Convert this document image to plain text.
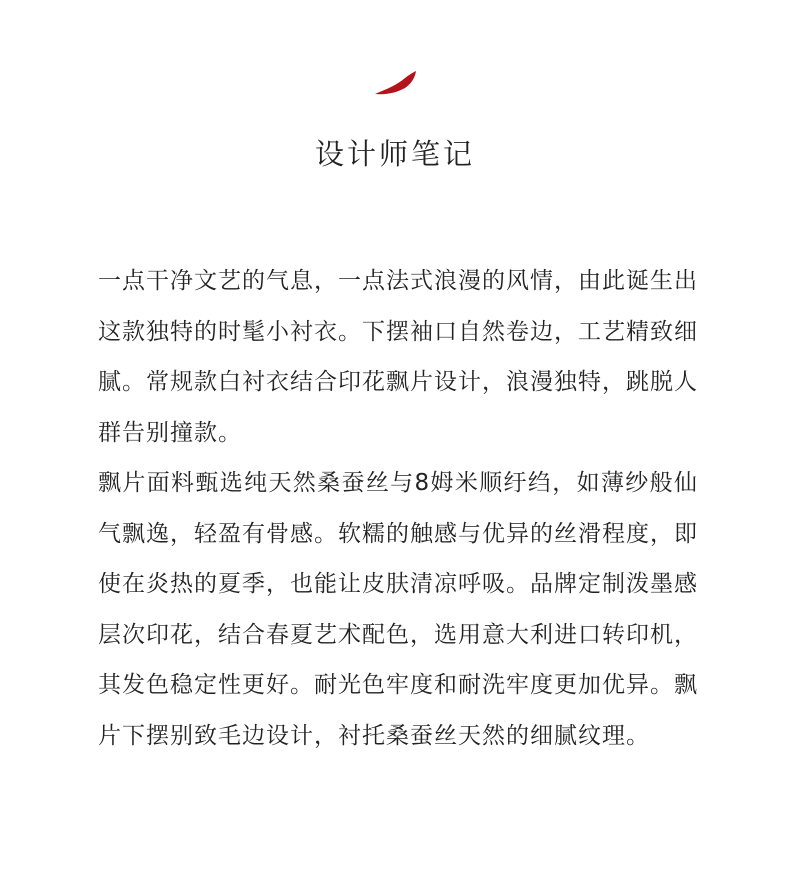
设计师笔记

一点干净文艺的气息，一点法式浪漫的风情，由此诞生出这款独特的时髦小衬衣。下摆袖口自然卷边，工艺精致细腻。常规款白衬衣结合印花飘片设计，浪漫独特，跳脱人群告别撞款。

飘片面料甄选纯天然桑蚕丝与8姆米顺纡绉，如薄纱般仙气飘逸，轻盈有骨感。软糯的触感与优异的丝滑程度，即使在炎热的夏季，也能让皮肤清凉呼吸。品牌定制泼墨感层次印花，结合春夏艺术配色，选用意大利进口转印机，其发色稳定性更好。耐光色牢度和耐洗牢度更加优异。飘片下摆别致毛边设计，衬托桑蚕丝天然的细腻纹理。
